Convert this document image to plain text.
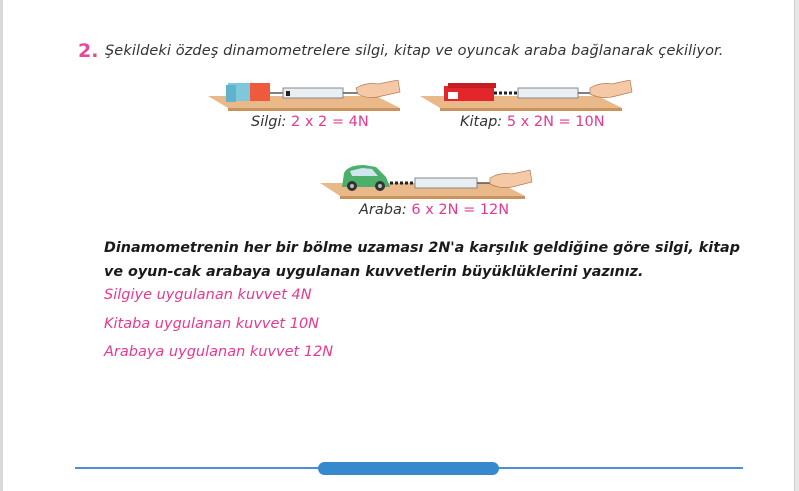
2. Şekildeki özdeş dinamometrelere silgi, kitap ve oyuncak araba bağlanarak çekiliyor.
Silgi: 2 x 2 = 4N	Kitap: 5 x 2N = 10N
Araba: 6 x 2N = 12N
Dinamometrenin her bir bölme uzaması 2N'a karşılık geldiğine göre silgi, kitap ve oyun-cak arabaya uygulanan kuvvetlerin büyüklüklerini yazınız.
Silgiye uygulanan kuvvet 4N
Kitaba uygulanan kuvvet 10N
Arabaya uygulanan kuvvet 12N
